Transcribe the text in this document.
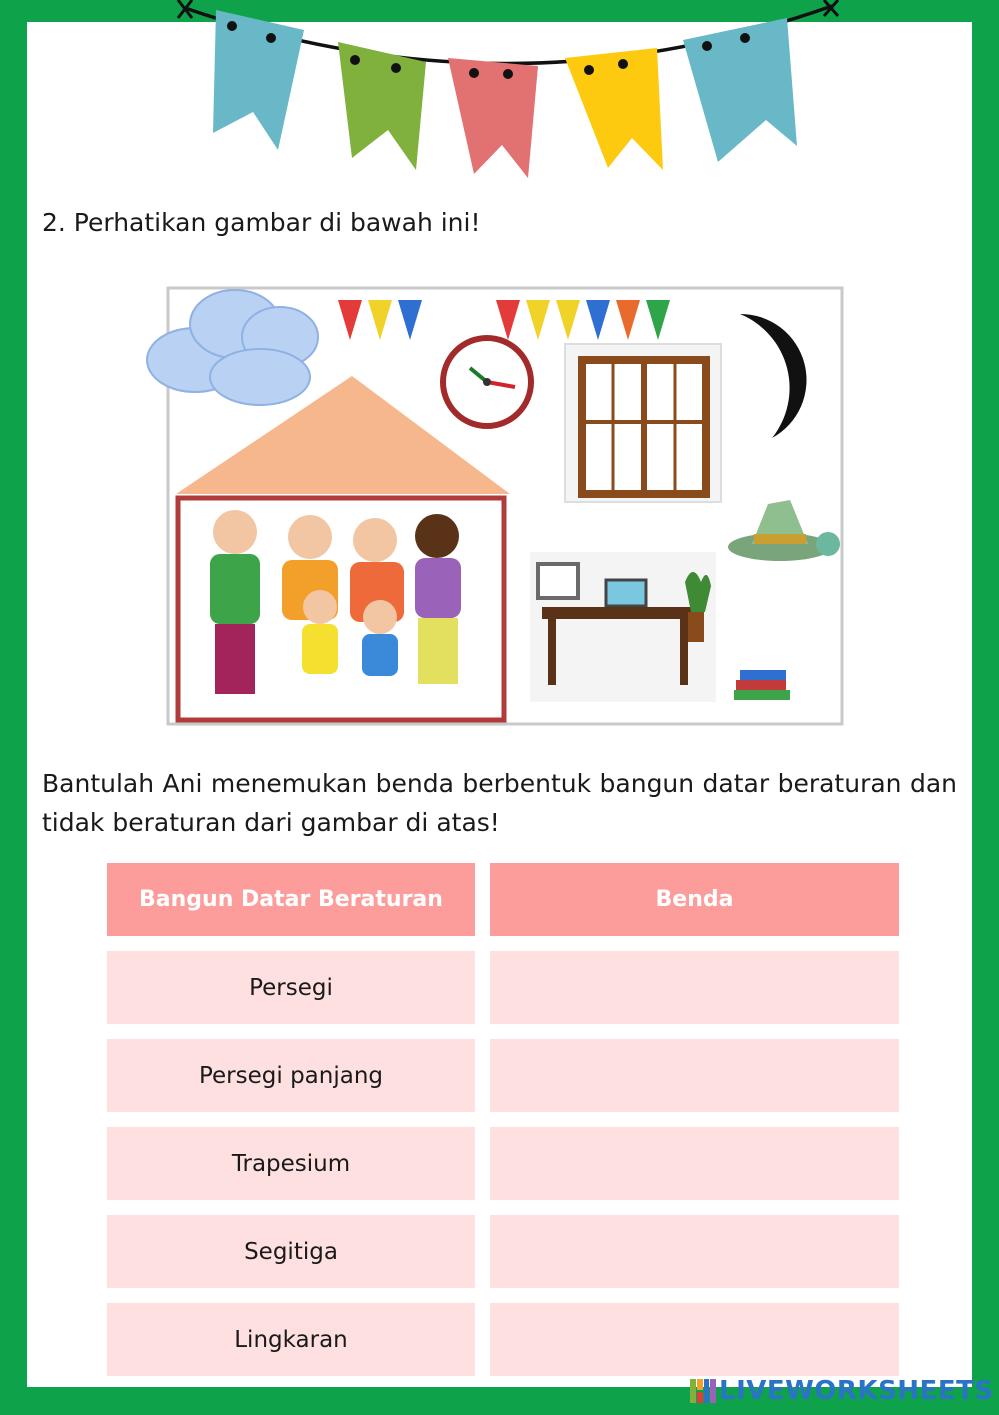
2. Perhatikan gambar di bawah ini!

Bantulah Ani menemukan benda berbentuk bangun datar beraturan dan tidak beraturan dari gambar di atas!

Bangun Datar Beraturan	Benda
Persegi
Persegi panjang
Trapesium
Segitiga
Lingkaran
LIVEWORKSHEETS
